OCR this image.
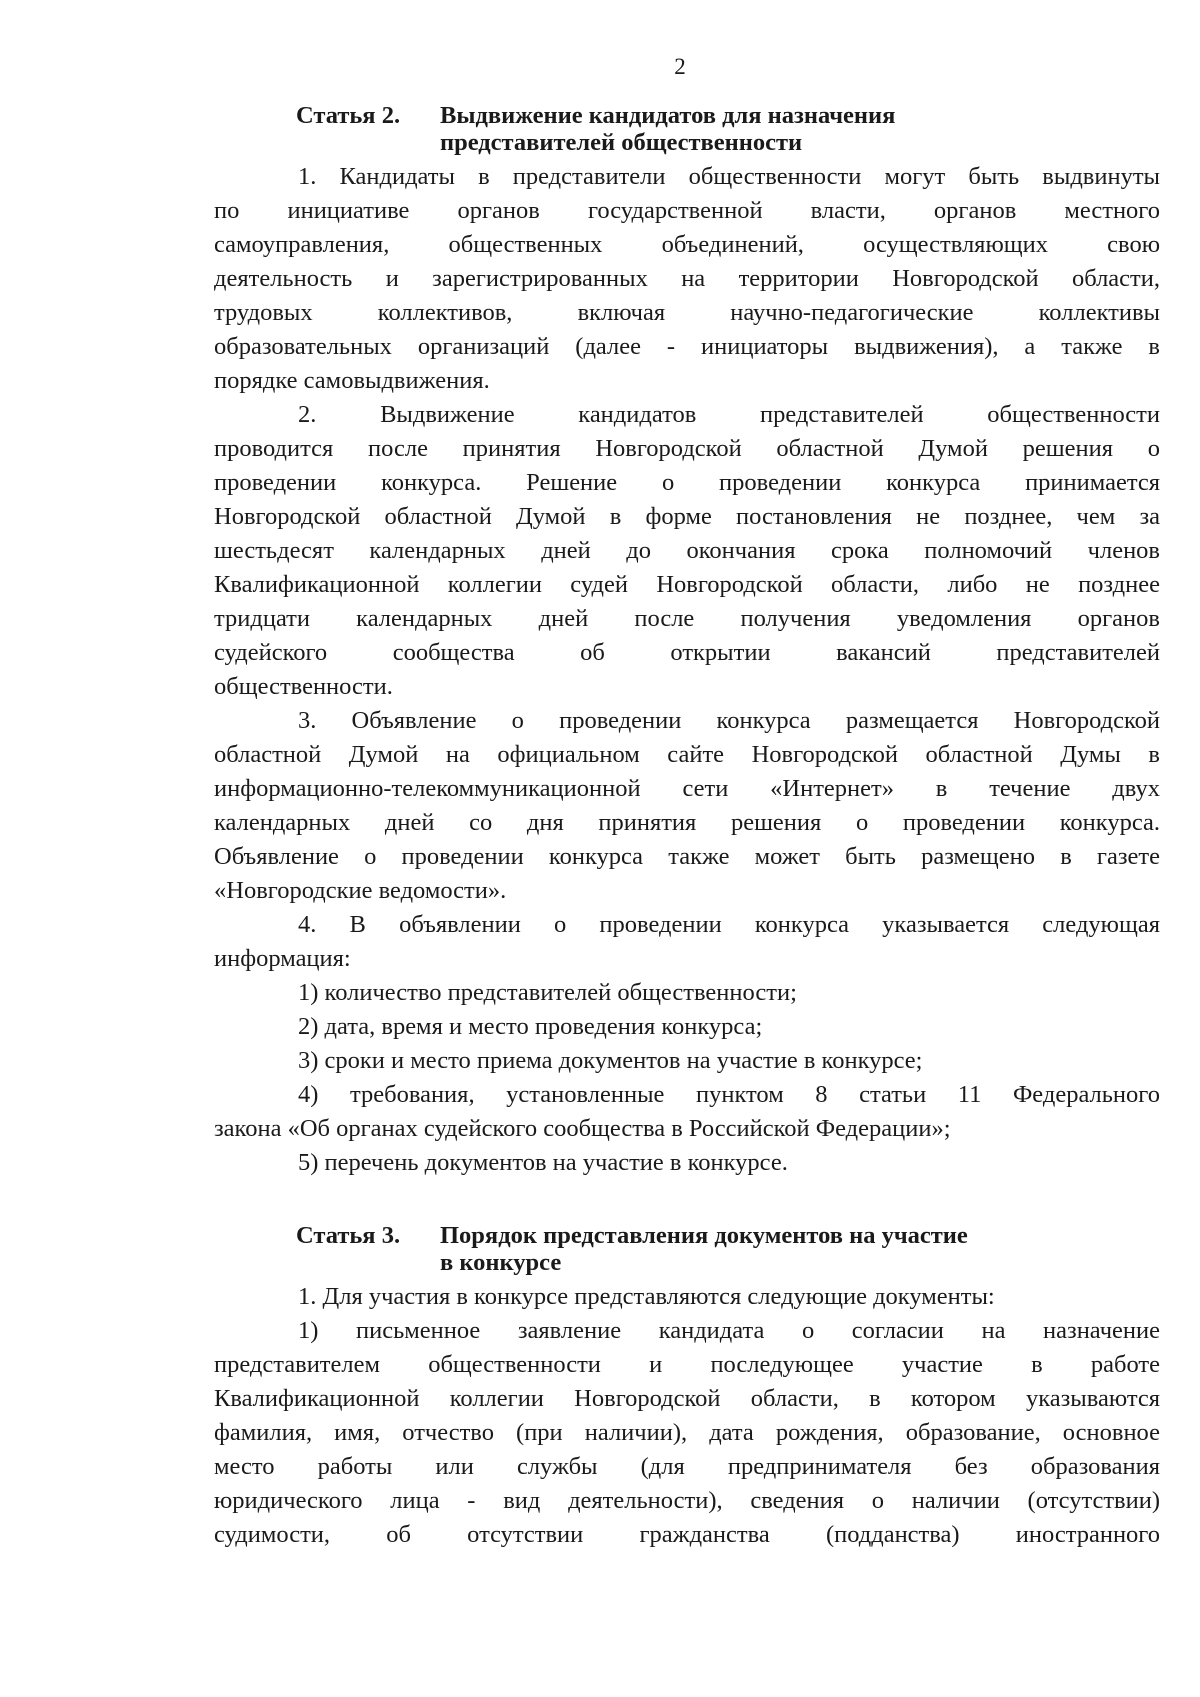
2
Статья 2.	Выдвижение кандидатов для назначения
представителей общественности
1. Кандидаты в представители общественности могут быть выдвинуты
по инициативе органов государственной власти, органов местного
самоуправления, общественных объединений, осуществляющих свою
деятельность и зарегистрированных на территории Новгородской области,
трудовых коллективов, включая научно-педагогические коллективы
образовательных организаций (далее - инициаторы выдвижения), а также в
порядке самовыдвижения.
2. Выдвижение кандидатов представителей общественности
проводится после принятия Новгородской областной Думой решения о
проведении конкурса. Решение о проведении конкурса принимается
Новгородской областной Думой в форме постановления не позднее, чем за
шестьдесят календарных дней до окончания срока полномочий членов
Квалификационной коллегии судей Новгородской области, либо не позднее
тридцати календарных дней после получения уведомления органов
судейского сообщества об открытии вакансий представителей
общественности.
3. Объявление о проведении конкурса размещается Новгородской
областной Думой на официальном сайте Новгородской областной Думы в
информационно-телекоммуникационной сети «Интернет» в течение двух
календарных дней со дня принятия решения о проведении конкурса.
Объявление о проведении конкурса также может быть размещено в газете
«Новгородские ведомости».
4. В объявлении о проведении конкурса указывается следующая
информация:
1) количество представителей общественности;
2) дата, время и место проведения конкурса;
3) сроки и место приема документов на участие в конкурсе;
4) требования, установленные пунктом 8 статьи 11 Федерального
закона «Об органах судейского сообщества в Российской Федерации»;
5) перечень документов на участие в конкурсе.
Статья 3.	Порядок представления документов на участие
в конкурсе
1. Для участия в конкурсе представляются следующие документы:
1) письменное заявление кандидата о согласии на назначение
представителем общественности и последующее участие в работе
Квалификационной коллегии Новгородской области, в котором указываются
фамилия, имя, отчество (при наличии), дата рождения, образование, основное
место работы или службы (для предпринимателя без образования
юридического лица - вид деятельности), сведения о наличии (отсутствии)
судимости, об отсутствии гражданства (подданства) иностранного
